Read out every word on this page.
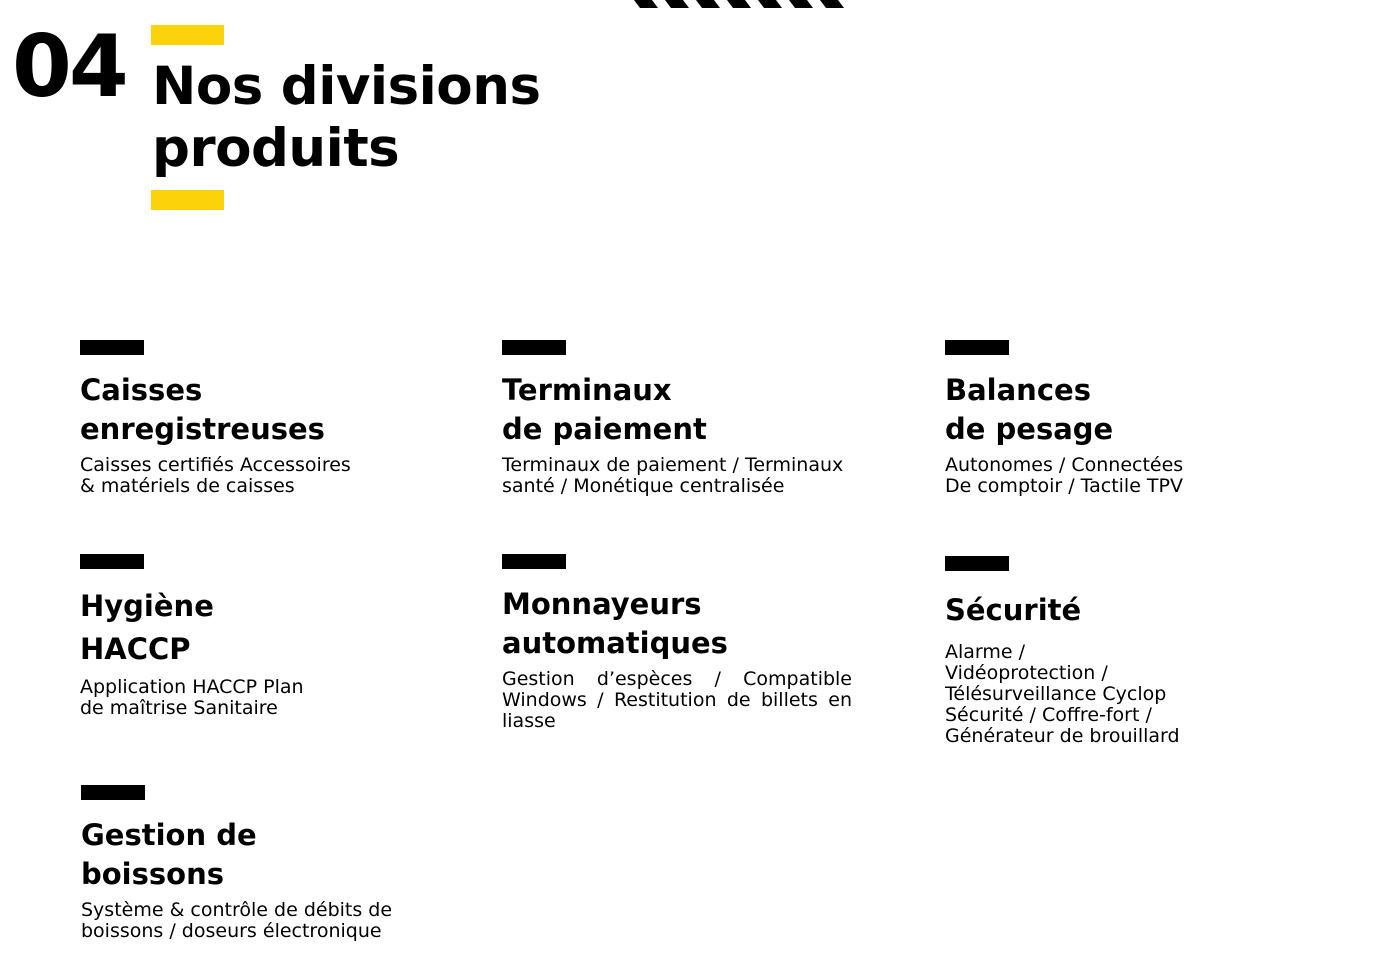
04 Nos divisions
produits
Caisses
enregistreuses
Caisses certifiés Accessoires
& matériels de caisses
Terminaux
de paiement
Terminaux de paiement / Terminaux
santé / Monétique centralisée
Balances
de pesage
Autonomes / Connectées
De comptoir / Tactile TPV
Hygiène
HACCP
Application HACCP Plan
de maîtrise Sanitaire
Monnayeurs
automatiques
Gestion d’espèces / Compatible Windows / Restitution de billets en liasse
Sécurité
Alarme /
Vidéoprotection /
Télésurveillance Cyclop
Sécurité / Coffre-fort /
Générateur de brouillard
Gestion de
boissons
Système & contrôle de débits de
boissons / doseurs électronique
